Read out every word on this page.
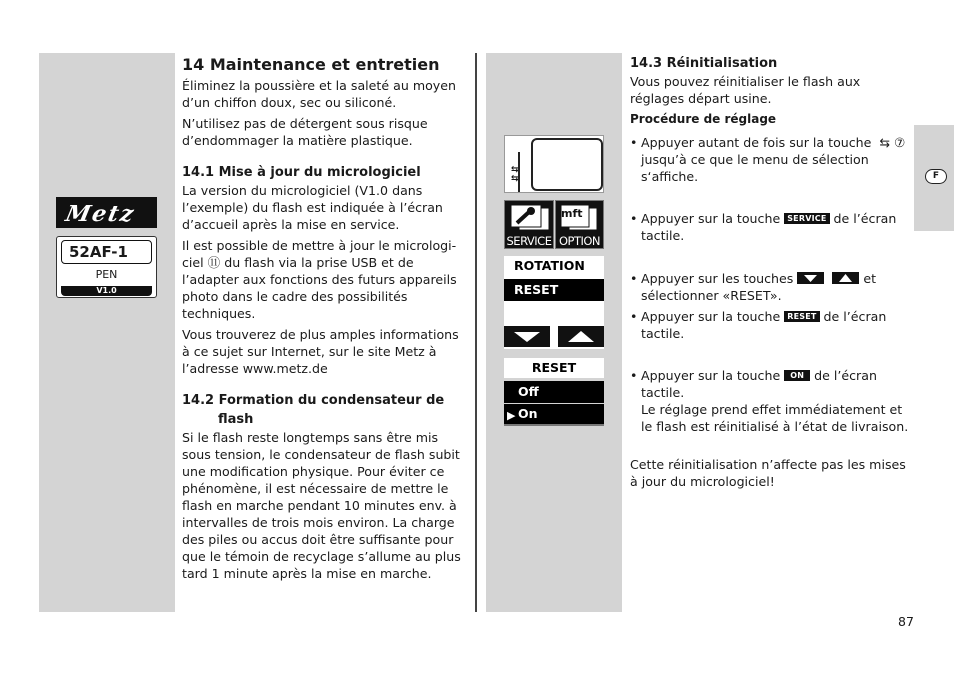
F
Metz
52AF-1
PEN
V1.0
14 Maintenance et entretien
Éliminez la poussière et la saleté au moyen d’un chiffon doux, sec ou siliconé.
N’utilisez pas de détergent sous risque d’endommager la matière plastique.
14.1 Mise à jour du micrologiciel
La version du micrologiciel (V1.0 dans l’exemple) du flash est indiquée à l’écran d’accueil après la mise en service.
Il est possible de mettre à jour le micrologi-ciel ⑪ du flash via la prise USB et de l’adapter aux fonctions des futurs appareils photo dans le cadre des possibilités techniques.
Vous trouverez de plus amples informations à ce sujet sur Internet, sur le site Metz à l’adresse www.metz.de
14.2 Formation du condensateur de
flash
Si le flash reste longtemps sans être mis sous tension, le condensateur de flash subit une modification physique. Pour éviter ce phénomène, il est nécessaire de mettre le flash en marche pendant 10 minutes env. à intervalles de trois mois environ. La charge des piles ou accus doit être suffisante pour que le témoin de recyclage s’allume au plus tard 1 minute après la mise en marche.
⇆
⇆
SERVICE
mft
OPTION
ROTATION
RESET
RESET
Off
▶ On
14.3 Réinitialisation
Vous pouvez réinitialiser le flash aux réglages départ usine.
Procédure de réglage
• Appuyer autant de fois sur la touche ⇆ ⑦
jusqu’à ce que le menu de sélection s‘affiche.
• Appuyer sur la touche SERVICE de l’écran tactile.
• Appuyer sur les touches
	et sélectionner «RESET».
• Appuyer sur la touche RESET de l’écran tactile.
• Appuyer sur la touche ON de l’écran tactile.
Le réglage prend effet immédiatement et le flash est réinitialisé à l’état de livraison.
Cette réinitialisation n’affecte pas les mises à jour du micrologiciel!
87
